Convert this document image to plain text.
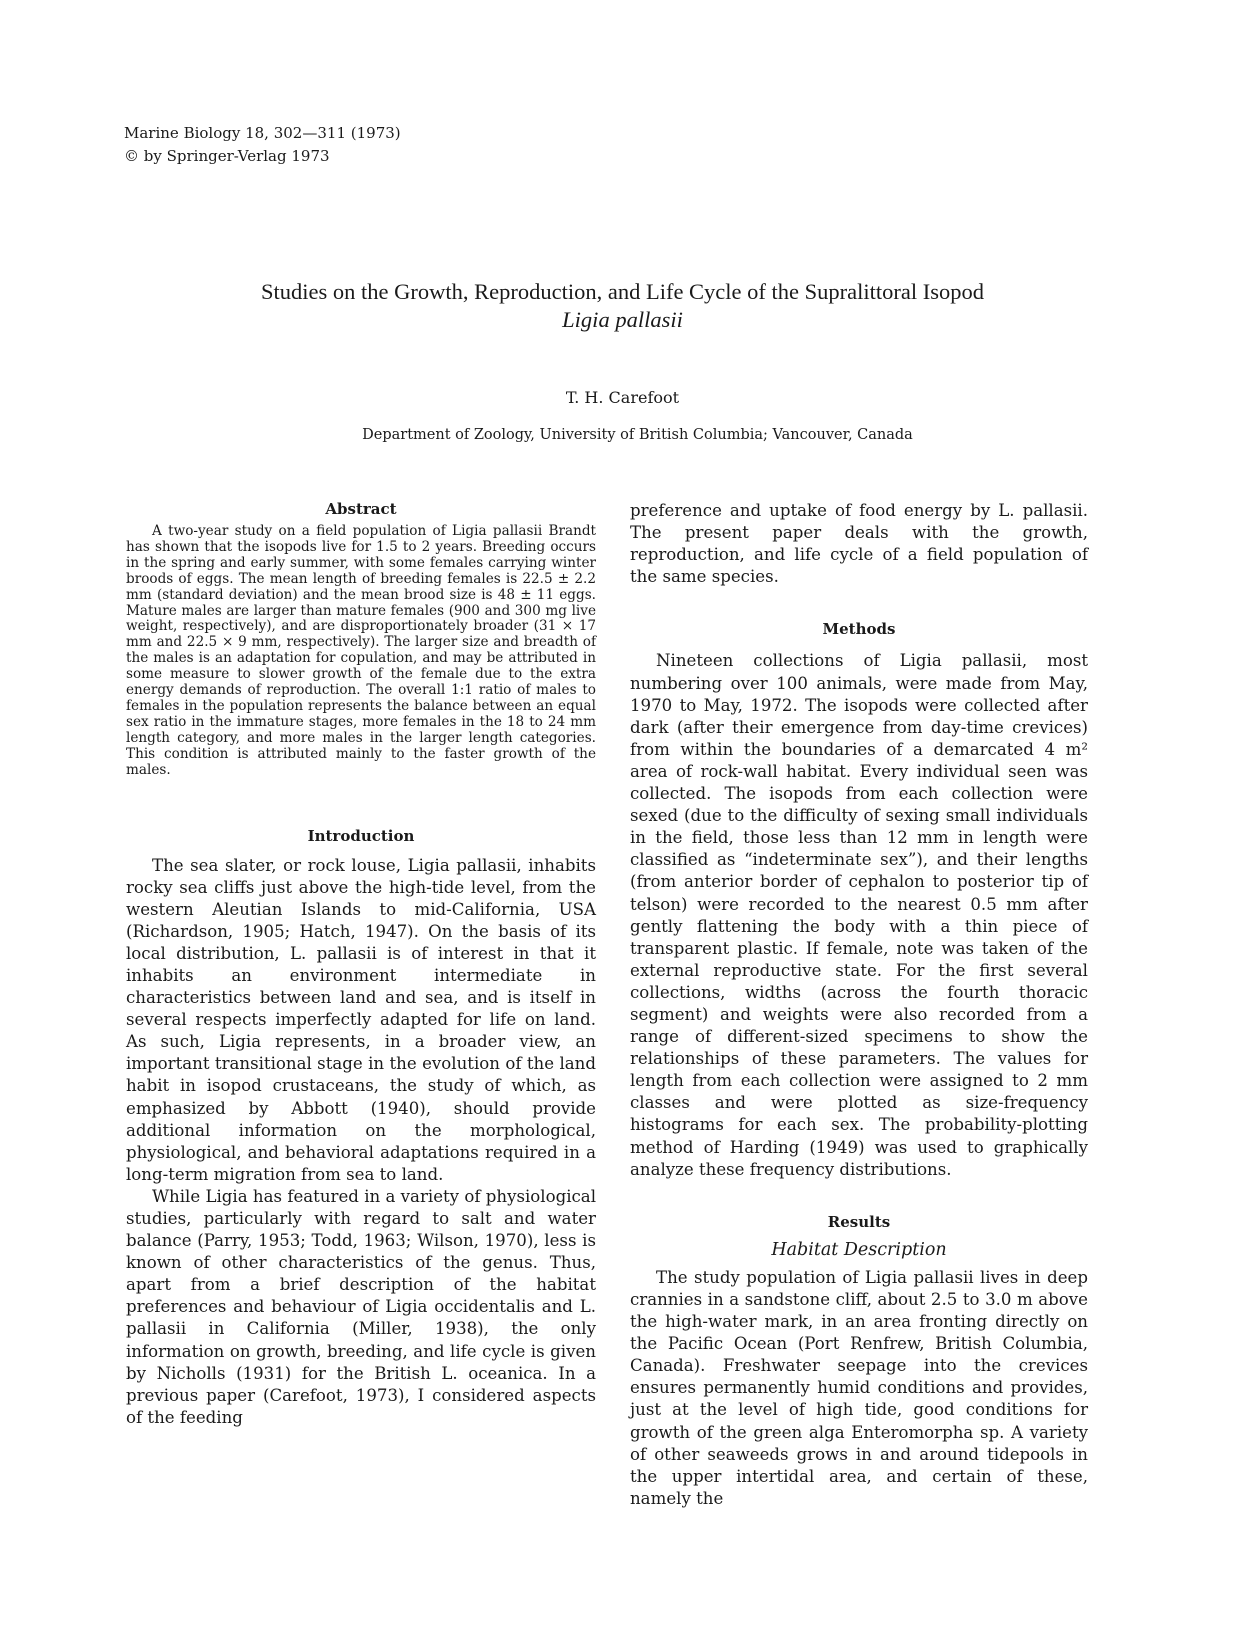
Marine Biology 18, 302—311 (1973)
© by Springer-Verlag 1973
Studies on the Growth, Reproduction, and Life Cycle of the Supralittoral Isopod
Ligia pallasii
T. H. Carefoot
Department of Zoology, University of British Columbia; Vancouver, Canada
Abstract

A two-year study on a field population of Ligia pallasii Brandt has shown that the isopods live for 1.5 to 2 years. Breeding occurs in the spring and early summer, with some females carrying winter broods of eggs. The mean length of breeding females is 22.5 ± 2.2 mm (standard deviation) and the mean brood size is 48 ± 11 eggs. Mature males are larger than mature females (900 and 300 mg live weight, respectively), and are disproportionately broader (31 × 17 mm and 22.5 × 9 mm, respectively). The larger size and breadth of the males is an adaptation for copulation, and may be attributed in some measure to slower growth of the female due to the extra energy demands of reproduction. The overall 1:1 ratio of males to females in the population represents the balance between an equal sex ratio in the immature stages, more females in the 18 to 24 mm length category, and more males in the larger length categories. This condition is attributed mainly to the faster growth of the males.

Introduction

The sea slater, or rock louse, Ligia pallasii, inhabits rocky sea cliffs just above the high-tide level, from the western Aleutian Islands to mid-California, USA (Richardson, 1905; Hatch, 1947). On the basis of its local distribution, L. pallasii is of interest in that it inhabits an environment intermediate in characteristics between land and sea, and is itself in several respects imperfectly adapted for life on land. As such, Ligia represents, in a broader view, an important transitional stage in the evolution of the land habit in isopod crustaceans, the study of which, as emphasized by Abbott (1940), should provide additional information on the morphological, physiological, and behavioral adaptations required in a long-term migration from sea to land.

While Ligia has featured in a variety of physiological studies, particularly with regard to salt and water balance (Parry, 1953; Todd, 1963; Wilson, 1970), less is known of other characteristics of the genus. Thus, apart from a brief description of the habitat preferences and behaviour of Ligia occidentalis and L. pallasii in California (Miller, 1938), the only information on growth, breeding, and life cycle is given by Nicholls (1931) for the British L. oceanica. In a previous paper (Carefoot, 1973), I considered aspects of the feeding

preference and uptake of food energy by L. pallasii. The present paper deals with the growth, reproduction, and life cycle of a field population of the same species.

Methods

Nineteen collections of Ligia pallasii, most numbering over 100 animals, were made from May, 1970 to May, 1972. The isopods were collected after dark (after their emergence from day-time crevices) from within the boundaries of a demarcated 4 m² area of rock-wall habitat. Every individual seen was collected. The isopods from each collection were sexed (due to the difficulty of sexing small individuals in the field, those less than 12 mm in length were classified as “indeterminate sex”), and their lengths (from anterior border of cephalon to posterior tip of telson) were recorded to the nearest 0.5 mm after gently flattening the body with a thin piece of transparent plastic. If female, note was taken of the external reproductive state. For the first several collections, widths (across the fourth thoracic segment) and weights were also recorded from a range of different-sized specimens to show the relationships of these parameters. The values for length from each collection were assigned to 2 mm classes and were plotted as size-frequency histograms for each sex. The probability-plotting method of Harding (1949) was used to graphically analyze these frequency distributions.

Results
Habitat Description

The study population of Ligia pallasii lives in deep crannies in a sandstone cliff, about 2.5 to 3.0 m above the high-water mark, in an area fronting directly on the Pacific Ocean (Port Renfrew, British Columbia, Canada). Freshwater seepage into the crevices ensures permanently humid conditions and provides, just at the level of high tide, good conditions for growth of the green alga Enteromorpha sp. A variety of other seaweeds grows in and around tidepools in the upper intertidal area, and certain of these, namely the
